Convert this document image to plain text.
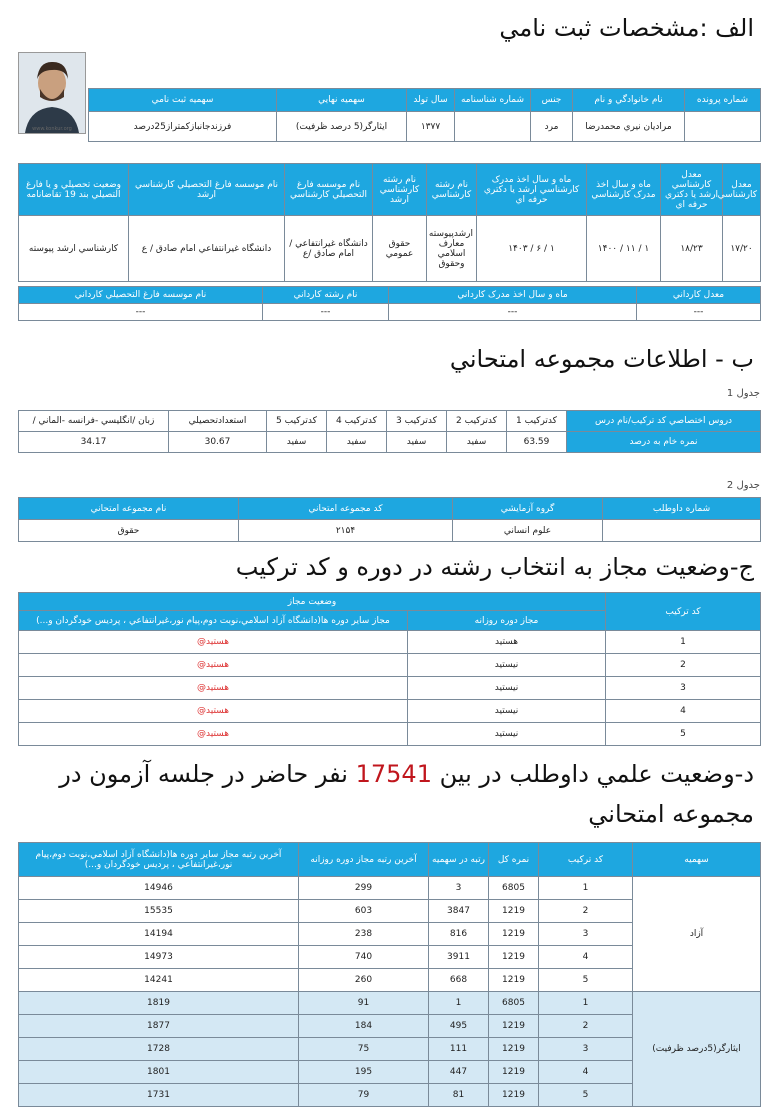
الف :مشخصات ثبت نامي
www.konkur.org
شماره پرونده	نام خانوادگي و نام	جنس	شماره شناسنامه	سال تولد	سهميه نهايي	سهميه ثبت نامي
	مراديان نيري محمدرضا	مرد		١٣٧٧	ايثارگر(5 درصد ظرفيت)	فرزندجانبازكمتراز25درصد
معدل كارشناسي	معدل كارشناسي ارشد يا دكتري حرفه اي	ماه و سال اخذ مدرک كارشناسي	ماه و سال اخذ مدرک كارشناسي ارشد يا دكتري حرفه اي	نام رشته كارشناسي	نام رشته كارشناسي ارشد	نام موسسه فارغ التحصيلي كارشناسي	نام موسسه فارغ التحصيلي كارشناسي ارشد	وضعيت تحصيلي و يا فارغ التصيلي بند 19 تقاضانامه
١٧/٢٠	١٨/٢٣	١ / ١١ / ١۴٠٠	١ / ۶ / ١۴٠٣	ارشدپيوسته معارف اسلامي وحقوق	حقوق عمومي	دانشگاه غيرانتفاعي / امام صادق /ع	دانشگاه غيرانتفاعي امام صادق / ع	كارشناسي ارشد پيوسته
معدل كارداني	ماه و سال اخذ مدرک كارداني	نام رشته كارداني	نام موسسه فارغ التحصيلي كارداني
---	---	---	---
ب - اطلاعات مجموعه امتحاني
جدول 1
دروس اختصاصي كد تركيب/نام درس	كدتركيب 1	كدتركيب 2	كدتركيب 3	كدتركيب 4	كدتركيب 5	استعدادتحصيلي	زبان /انگليسي -فرانسه -الماني /
نمره خام به درصد	63.59	سفيد	سفيد	سفيد	سفيد	30.67	34.17
جدول 2
شماره داوطلب	گروه آزمايشي	كد مجموعه امتحاني	نام مجموعه امتحاني
	علوم انساني	٢١۵۴	حقوق
ج-وضعيت مجاز به انتخاب رشته در دوره و كد تركيب
كد تركيب	وضعيت مجاز	
	مجاز دوره روزانه	مجاز ساير دوره ها(دانشگاه آزاد اسلامي،نوبت دوم،پيام نور،غيرانتفاعي ، پرديس خودگردان و...)
1	هستيد	هستيد@
2	نيستيد	هستيد@
3	نيستيد	هستيد@
4	نيستيد	هستيد@
5	نيستيد	هستيد@
د-وضعيت علمي داوطلب در بين 17541 نفر حاضر در جلسه آزمون در
مجموعه امتحاني
سهميه	كد تركيب	نمره كل	رتبه در سهميه	آخرين رتبه مجاز دوره روزانه	آخرين رتبه مجاز ساير دوره ها(دانشگاه آزاد اسلامي،نوبت دوم،پيام نور،غيرانتفاعي ، پرديس خودگردان و...)
آزاد	1	6805	3	299	14946
	2	1219	3847	603	15535
	3	1219	816	238	14194
	4	1219	3911	740	14973
	5	1219	668	260	14241
ايثارگر(5درصد ظرفيت)	1	6805	1	91	1819
	2	1219	495	184	1877
	3	1219	111	75	1728
	4	1219	447	195	1801
	5	1219	81	79	1731
